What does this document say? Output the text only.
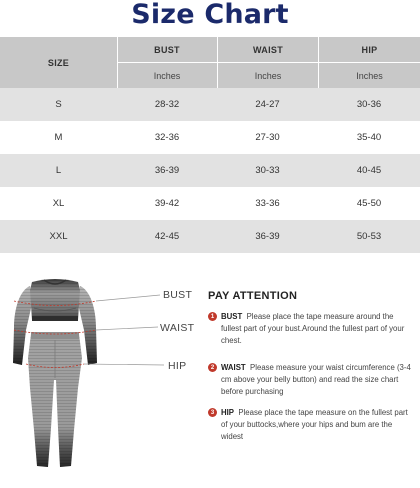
Size Chart
SIZE
BUST	WAIST	HIP
Inches	Inches	Inches
S	28-32	24-27	30-36
M	32-36	27-30	35-40
L	36-39	30-33	40-45
XL	39-42	33-36	45-50
XXL	42-45	36-39	50-53
BUST
WAIST
HIP
PAY ATTENTION
1 BUST Please place the tape measure around the fullest part of your bust.Around the fullest part of your chest.
2 WAIST Please measure your waist circumference (3-4 cm above your belly button) and read the size chart before purchasing
3 HIP Please place the tape measure on the fullest part of your buttocks,where your hips and bum are the widest
